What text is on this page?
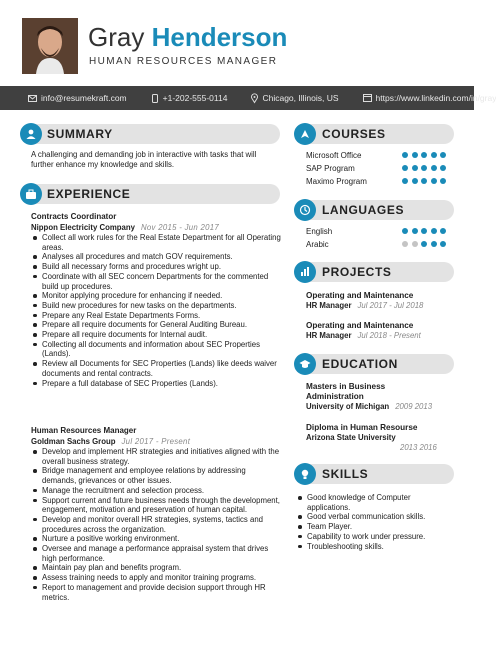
Gray Henderson
HUMAN RESOURCES MANAGER
info@resumekraft.com	+1-202-555-0114	Chicago, Illinois, US	https://www.linkedin.com/in/gray
SUMMARY
A challenging and demanding job in interactive with tasks that will further enhance my knowledge and skills.
EXPERIENCE
Contracts Coordinator
Nippon Electricity Company Nov 2015 - Jun 2017
Collect all work rules for the Real Estate Department for all Operating areas.
Analyses all procedures and match GOV requirements.
Build all necessary forms and procedures wright up.
Coordinate with all SEC concern Departments for the commented build up procedures.
Monitor applying procedure for enhancing if needed.
Build new procedures for new tasks on the departments.
Prepare any Real Estate Departments Forms.
Prepare all require documents for General Auditing Bureau.
Prepare all require documents for Internal audit.
Collecting all documents and information about SEC Properties (Lands).
Review all Documents for SEC Properties (Lands) like deeds waiver documents and rental contracts.
Prepare a full database of SEC Properties (Lands).
Human Resources Manager
Goldman Sachs Group Jul 2017 - Present
Develop and implement HR strategies and initiatives aligned with the overall business strategy.
Bridge management and employee relations by addressing demands, grievances or other issues.
Manage the recruitment and selection process.
Support current and future business needs through the development, engagement, motivation and preservation of human capital.
Develop and monitor overall HR strategies, systems, tactics and procedures across the organization.
Nurture a positive working environment.
Oversee and manage a performance appraisal system that drives high performance.
Maintain pay plan and benefits program.
Assess training needs to apply and monitor training programs.
Report to management and provide decision support through HR metrics.
COURSES
Microsoft Office
SAP Program
Maximo Program
LANGUAGES
English
Arabic
PROJECTS
Operating and Maintenance
HR Manager Jul 2017 - Jul 2018
Operating and Maintenance
HR Manager Jul 2018 - Present
EDUCATION
Masters in Business Administration
University of Michigan 2009 2013
Diploma in Human Resourse
Arizona State University
2013 2016
SKILLS
Good knowledge of Computer applications.
Good verbal communication skills.
Team Player.
Capability to work under pressure.
Troubleshooting skills.
